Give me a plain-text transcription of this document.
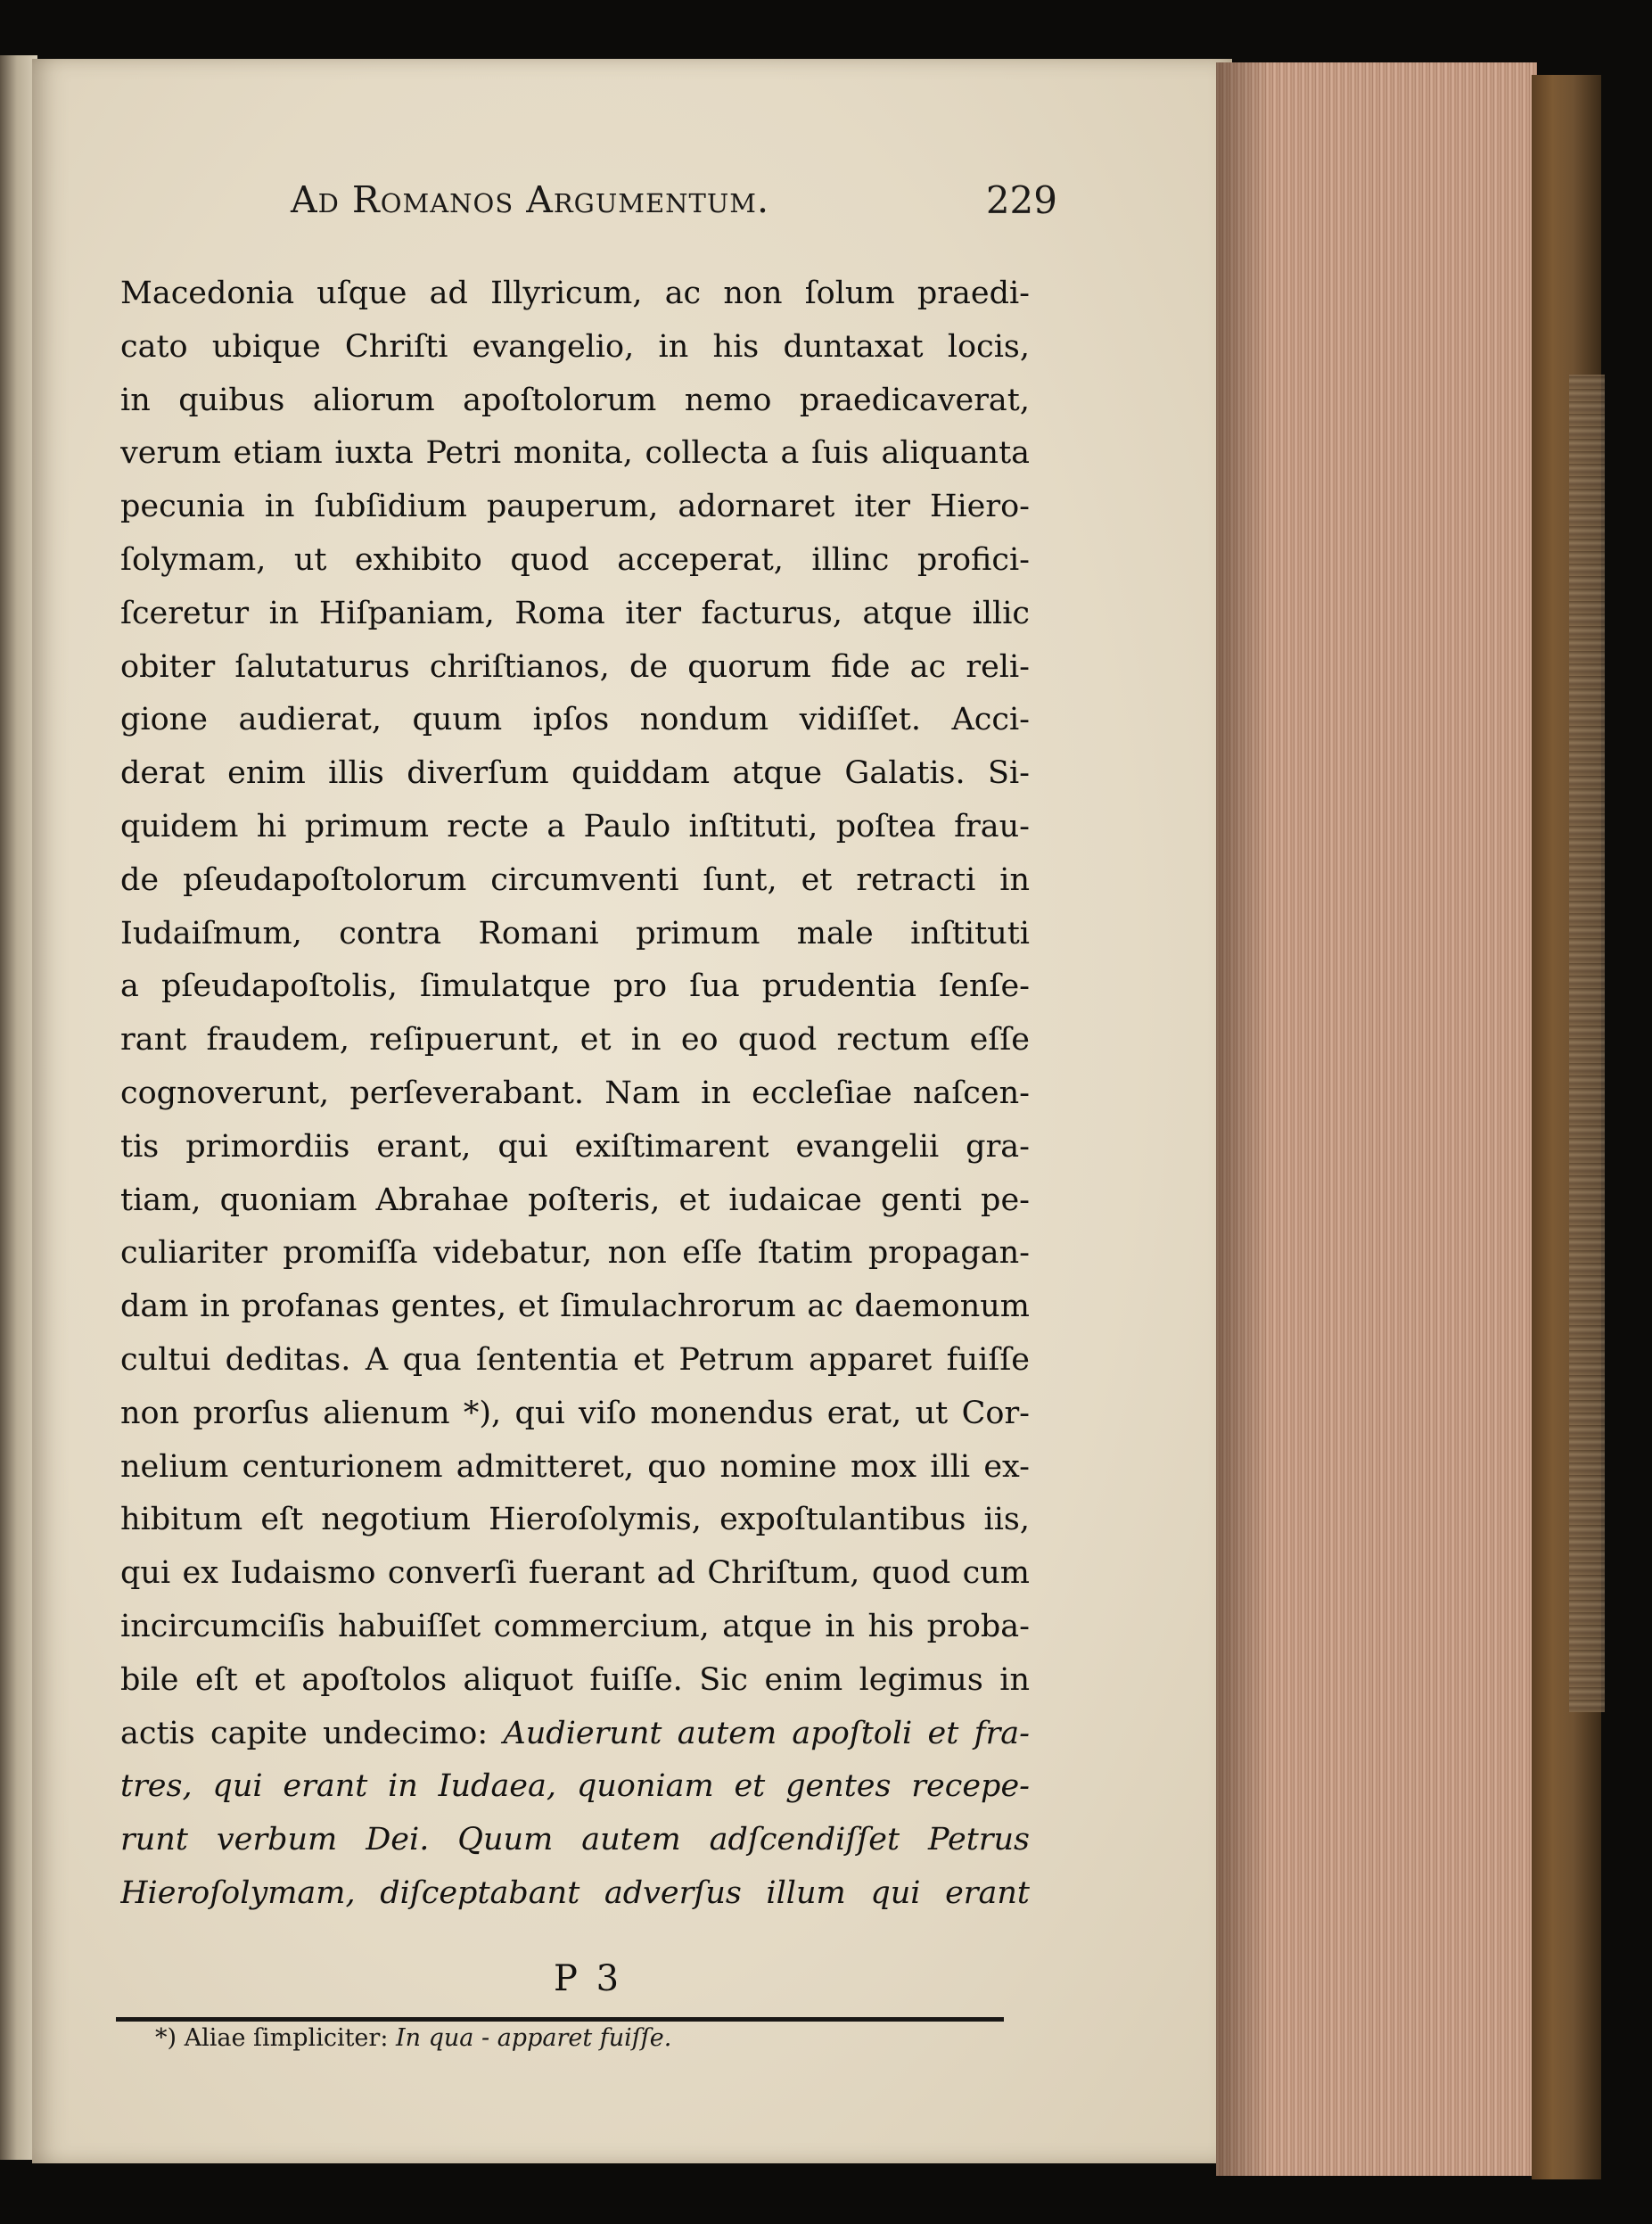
Ad Romanos Argumentum.	229
Macedonia uſque ad Illyricum, ac non ſolum praedi-
cato ubique Chriſti evangelio, in his duntaxat locis,
in quibus aliorum apoſtolorum nemo praedicaverat,
verum etiam iuxta Petri monita, collecta a ſuis aliquanta
pecunia in ſubſidium pauperum, adornaret iter Hiero-
ſolymam, ut exhibito quod acceperat, illinc profici-
ſceretur in Hiſpaniam, Roma iter facturus, atque illic
obiter ſalutaturus chriſtianos, de quorum fide ac reli-
gione audierat, quum ipſos nondum vidiſſet. Acci-
derat enim illis diverſum quiddam atque Galatis. Si-
quidem hi primum recte a Paulo inſtituti, poſtea frau-
de pſeudapoſtolorum circumventi ſunt, et retracti in
Iudaiſmum, contra Romani primum male inſtituti
a pſeudapoſtolis, ſimulatque pro ſua prudentia ſenſe-
rant fraudem, reſipuerunt, et in eo quod rectum eſſe
cognoverunt, perſeverabant. Nam in eccleſiae naſcen-
tis primordiis erant, qui exiſtimarent evangelii gra-
tiam, quoniam Abrahae poſteris, et iudaicae genti pe-
culiariter promiſſa videbatur, non eſſe ſtatim propagan-
dam in profanas gentes, et ſimulachrorum ac daemonum
cultui deditas. A qua ſententia et Petrum apparet fuiſſe
non prorſus alienum *), qui viſo monendus erat, ut Cor-
nelium centurionem admitteret, quo nomine mox illi ex-
hibitum eſt negotium Hieroſolymis, expoſtulantibus iis,
qui ex Iudaismo converſi fuerant ad Chriſtum, quod cum
incircumciſis habuiſſet commercium, atque in his proba-
bile eſt et apoſtolos aliquot fuiſſe. Sic enim legimus in
actis capite undecimo: Audierunt autem apoſtoli et fra-
tres, qui erant in Iudaea, quoniam et gentes recepe-
runt verbum Dei. Quum autem adſcendiſſet Petrus
Hieroſolymam, diſceptabant adverſus illum qui erant
P 3
*) Aliae ſimpliciter: In qua - apparet fuiſſe.
